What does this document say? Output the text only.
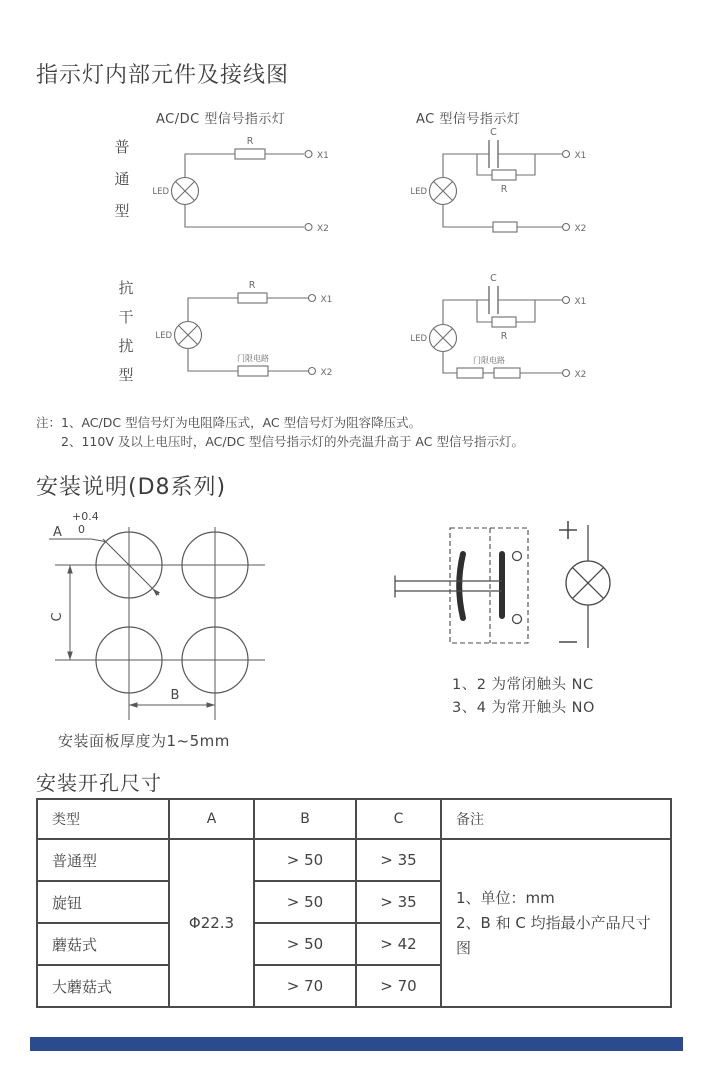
指示灯内部元件及接线图
AC/DC 型信号指示灯	AC 型信号指示灯
普
通
型
抗
干
扰
型
R
X1
LED
X2
C
R
X1
LED
X2
R
X1
LED
门限电路
X2
C
R
X1
LED
门限电路
X2
注： 1、AC/DC 型信号灯为电阻降压式，AC 型信号灯为阻容降压式。
2、110V 及以上电压时，AC/DC 型信号指示灯的外壳温升高于 AC 型信号指示灯。
安装说明(D8系列)
A
+0.4
0
C
B
1、2 为常闭触头 NC
3、4 为常开触头 NO
安装面板厚度为1~5mm
安装开孔尺寸
类型	A	B	C	备注
普通型	Φ22.3	> 50	> 35	1、单位：mm
2、B 和 C 均指最小产品尺寸图

旋钮		> 50	> 35	
蘑菇式		> 50	> 42	
大蘑菇式		> 70	> 70	
